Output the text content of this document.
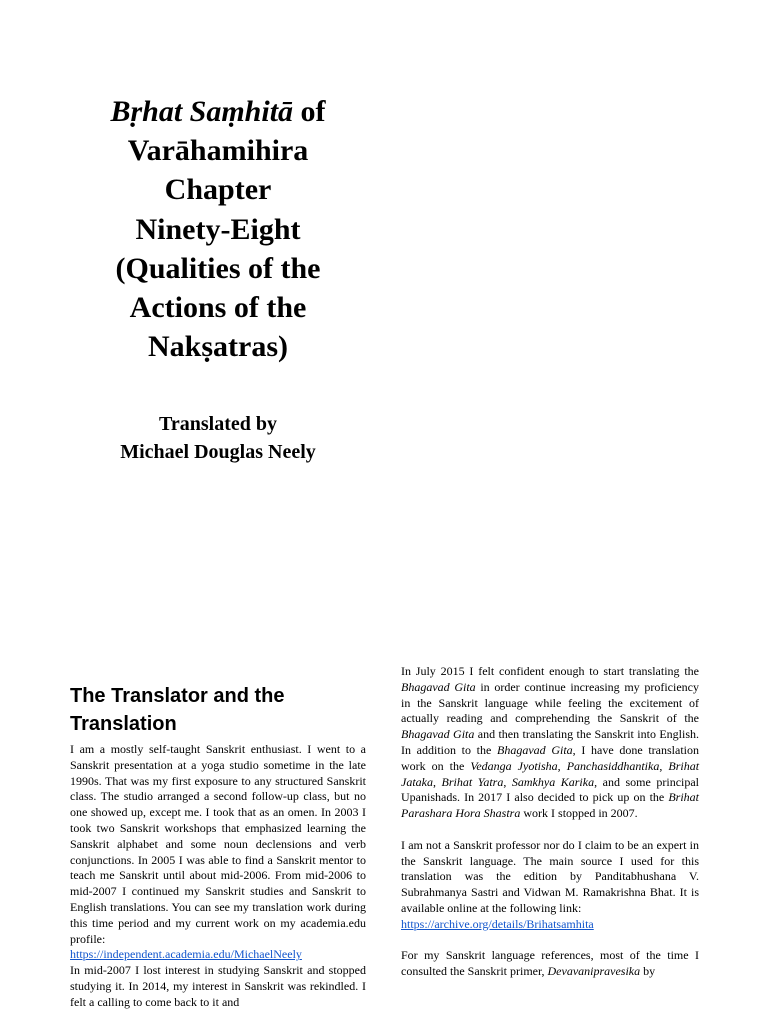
Bṛhat Saṃhitā of
Varāhamihira
Chapter
Ninety-Eight
(Qualities of the
Actions of the
Nakṣatras)
Translated by
Michael Douglas Neely
The Translator and the Translation

I am a mostly self-taught Sanskrit enthusiast. I went to a Sanskrit presentation at a yoga studio sometime in the late 1990s. That was my first exposure to any structured Sanskrit class. The studio arranged a second follow-up class, but no one showed up, except me. I took that as an omen. In 2003 I took two Sanskrit workshops that emphasized learning the Sanskrit alphabet and some noun declensions and verb conjunctions. In 2005 I was able to find a Sanskrit mentor to teach me Sanskrit until about mid-2006. From mid-2006 to mid-2007 I continued my Sanskrit studies and Sanskrit to English translations. You can see my translation work during this time period and my current work on my academia.edu profile:

https://independent.academia.edu/MichaelNeely

In mid-2007 I lost interest in studying Sanskrit and stopped studying it. In 2014, my interest in Sanskrit was rekindled. I felt a calling to come back to it and

In July 2015 I felt confident enough to start translating the Bhagavad Gita in order continue increasing my proficiency in the Sanskrit language while feeling the excitement of actually reading and comprehending the Sanskrit of the Bhagavad Gita and then translating the Sanskrit into English. In addition to the Bhagavad Gita, I have done translation work on the Vedanga Jyotisha, Panchasiddhantika, Brihat Jataka, Brihat Yatra, Samkhya Karika, and some principal Upanishads. In 2017 I also decided to pick up on the Brihat Parashara Hora Shastra work I stopped in 2007.

I am not a Sanskrit professor nor do I claim to be an expert in the Sanskrit language. The main source I used for this translation was the edition by Panditabhushana V. Subrahmanya Sastri and Vidwan M. Ramakrishna Bhat. It is available online at the following link:

https://archive.org/details/Brihatsamhita

For my Sanskrit language references, most of the time I consulted the Sanskrit primer, Devavanipravesika by
